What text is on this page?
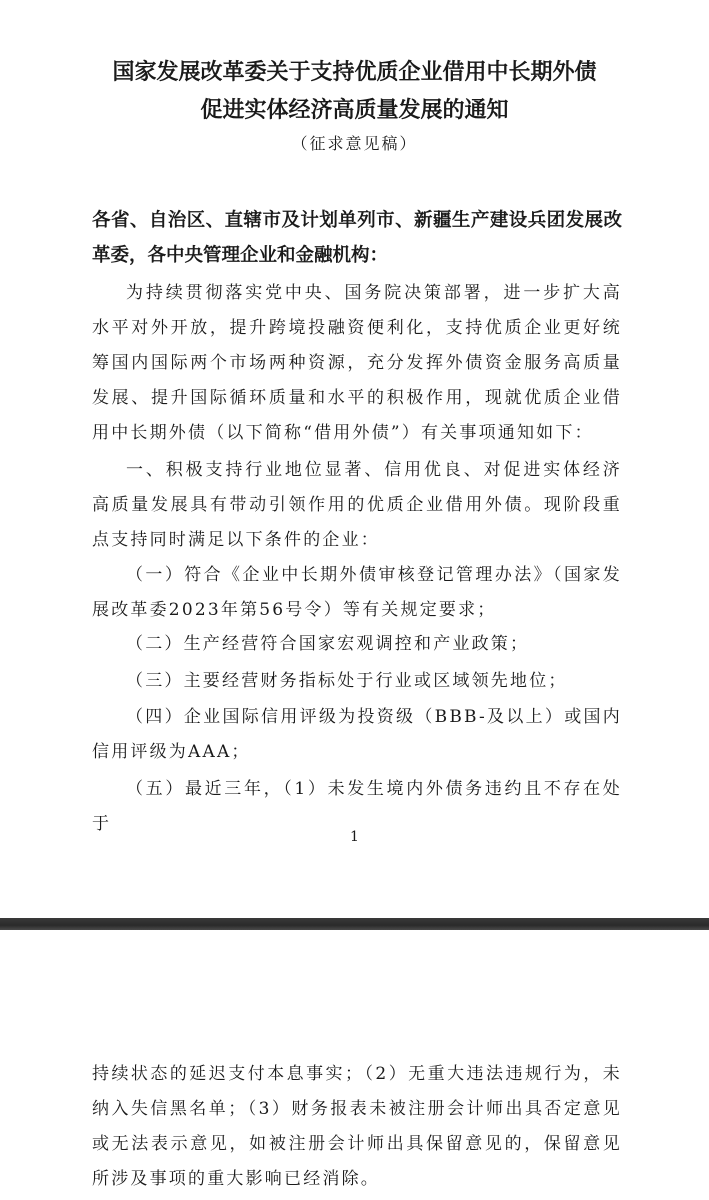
国家发展改革委关于支持优质企业借用中长期外债
促进实体经济高质量发展的通知
（征求意见稿）
各省、自治区、直辖市及计划单列市、新疆生产建设兵团发展改革委，各中央管理企业和金融机构：
为持续贯彻落实党中央、国务院决策部署，进一步扩大高水平对外开放，提升跨境投融资便利化，支持优质企业更好统筹国内国际两个市场两种资源，充分发挥外债资金服务高质量发展、提升国际循环质量和水平的积极作用，现就优质企业借用中长期外债（以下简称“借用外债”）有关事项通知如下：
一、积极支持行业地位显著、信用优良、对促进实体经济高质量发展具有带动引领作用的优质企业借用外债。现阶段重点支持同时满足以下条件的企业：
（一）符合《企业中长期外债审核登记管理办法》（国家发展改革委2023年第56号令）等有关规定要求；
（二）生产经营符合国家宏观调控和产业政策；
（三）主要经营财务指标处于行业或区域领先地位；
（四）企业国际信用评级为投资级（BBB-及以上）或国内信用评级为AAA；
（五）最近三年，（1）未发生境内外债务违约且不存在处于
1
持续状态的延迟支付本息事实；（2）无重大违法违规行为，未纳入失信黑名单；（3）财务报表未被注册会计师出具否定意见或无法表示意见，如被注册会计师出具保留意见的，保留意见所涉及事项的重大影响已经消除。
